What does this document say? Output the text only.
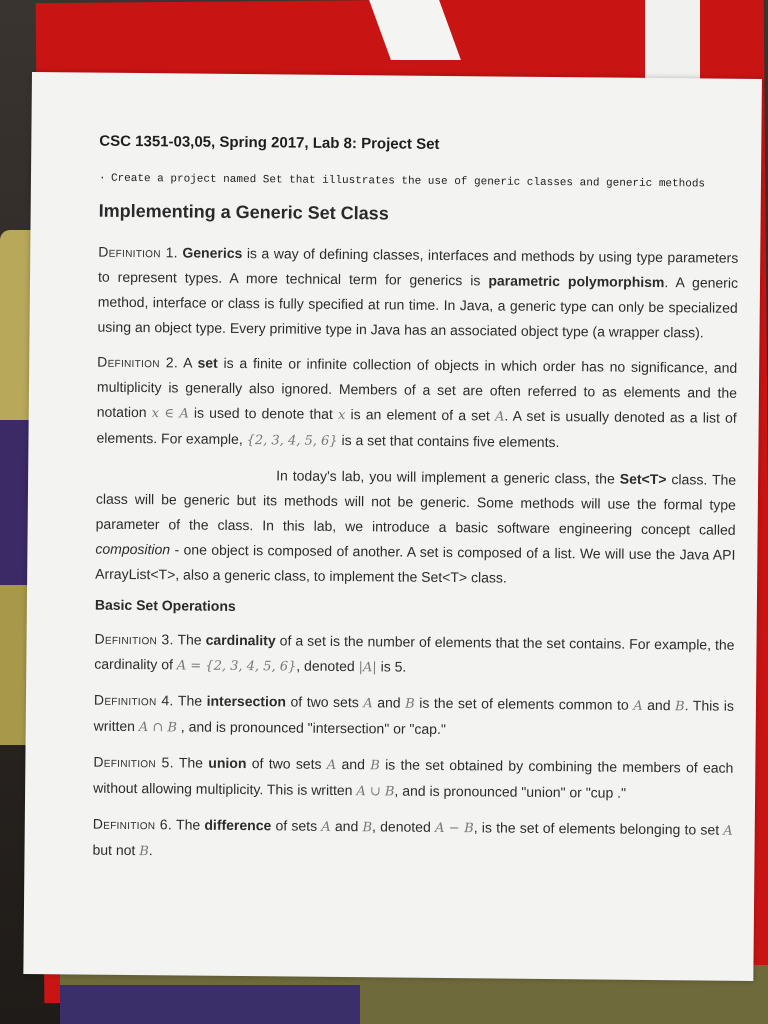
CSC 1351-03,05, Spring 2017, Lab 8: Project Set
· Create a project named Set that illustrates the use of generic classes and generic methods
Implementing a Generic Set Class

Definition 1. Generics is a way of defining classes, interfaces and methods by using type parameters to represent types. A more technical term for generics is parametric polymorphism. A generic method, interface or class is fully specified at run time. In Java, a generic type can only be specialized using an object type. Every primitive type in Java has an associated object type (a wrapper class).

Definition 2. A set is a finite or infinite collection of objects in which order has no significance, and multiplicity is generally also ignored. Members of a set are often referred to as elements and the notation x ∈ A is used to denote that x is an element of a set A. A set is usually denoted as a list of elements. For example, {2, 3, 4, 5, 6} is a set that contains five elements.

In today's lab, you will implement a generic class, the Set<T> class. The class will be generic but its methods will not be generic. Some methods will use the formal type parameter of the class. In this lab, we introduce a basic software engineering concept called composition - one object is composed of another. A set is composed of a list. We will use the Java API ArrayList<T>, also a generic class, to implement the Set<T> class.

Basic Set Operations

Definition 3. The cardinality of a set is the number of elements that the set contains. For example, the cardinality of A = {2, 3, 4, 5, 6}, denoted |A| is 5.

Definition 4. The intersection of two sets A and B is the set of elements common to A and B. This is written A ∩ B , and is pronounced "intersection" or "cap."

Definition 5. The union of two sets A and B is the set obtained by combining the members of each without allowing multiplicity. This is written A ∪ B, and is pronounced "union" or "cup ."

Definition 6. The difference of sets A and B, denoted A − B, is the set of elements belonging to set A but not B.
